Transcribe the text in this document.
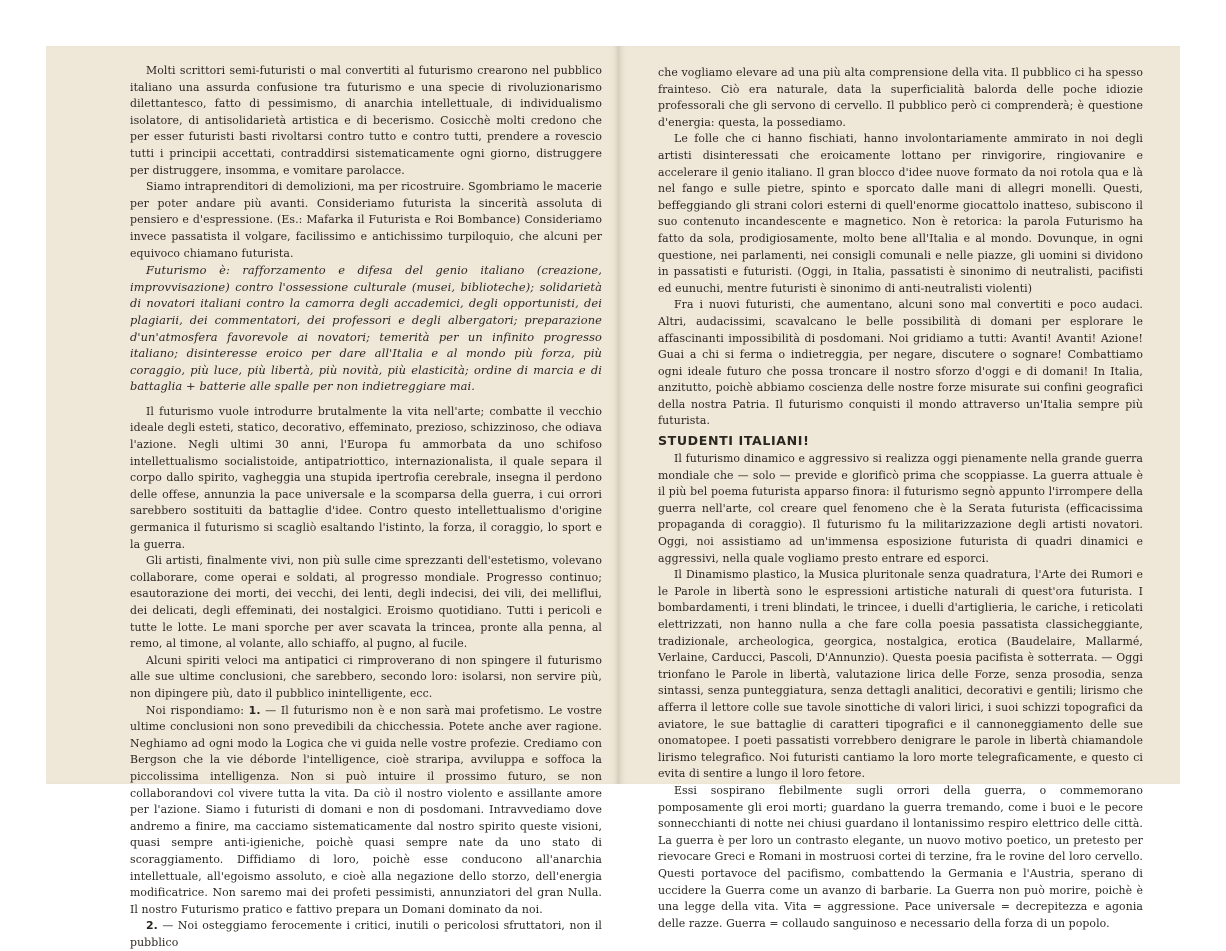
Molti scrittori semi-futuristi o mal convertiti al futurismo crearono nel pubblico italiano una assurda confusione tra futurismo e una specie di rivoluzionarismo dilettantesco, fatto di pessimismo, di anarchia intellettuale, di individualismo isolatore, di antisolidarietà artistica e di becerismo. Cosicchè molti credono che per esser futuristi basti rivoltarsi contro tutto e contro tutti, prendere a rovescio tutti i principii accettati, contraddirsi sistematicamente ogni giorno, distruggere per distruggere, insomma, e vomitare parolacce.

Siamo intraprenditori di demolizioni, ma per ricostruire. Sgombriamo le macerie per poter andare più avanti. Consideriamo futurista la sincerità assoluta di pensiero e d'espressione. (Es.: Mafarka il Futurista e Roi Bombance) Consideriamo invece passatista il volgare, facilissimo e antichissimo turpiloquio, che alcuni per equivoco chiamano futurista.

Futurismo è: rafforzamento e difesa del genio italiano (creazione, improvvisazione) contro l'ossessione culturale (musei, biblioteche); solidarietà di novatori italiani contro la camorra degli accademici, degli opportunisti, dei plagiarii, dei commentatori, dei professori e degli albergatori; preparazione d'un'atmosfera favorevole ai novatori; temerità per un infinito progresso italiano; disinteresse eroico per dare all'Italia e al mondo più forza, più coraggio, più luce, più libertà, più novità, più elasticità; ordine di marcia e di battaglia + batterie alle spalle per non indietreggiare mai.

Il futurismo vuole introdurre brutalmente la vita nell'arte; combatte il vecchio ideale degli esteti, statico, decorativo, effeminato, prezioso, schizzinoso, che odiava l'azione. Negli ultimi 30 anni, l'Europa fu ammorbata da uno schifoso intellettualismo socialistoide, antipatriottico, internazionalista, il quale separa il corpo dallo spirito, vagheggia una stupida ipertrofia cerebrale, insegna il perdono delle offese, annunzia la pace universale e la scomparsa della guerra, i cui orrori sarebbero sostituiti da battaglie d'idee. Contro questo intellettualismo d'origine germanica il futurismo si scagliò esaltando l'istinto, la forza, il coraggio, lo sport e la guerra.

Gli artisti, finalmente vivi, non più sulle cime sprezzanti dell'estetismo, volevano collaborare, come operai e soldati, al progresso mondiale. Progresso continuo; esautorazione dei morti, dei vecchi, dei lenti, degli indecisi, dei vili, dei melliflui, dei delicati, degli effeminati, dei nostalgici. Eroismo quotidiano. Tutti i pericoli e tutte le lotte. Le mani sporche per aver scavata la trincea, pronte alla penna, al remo, al timone, al volante, allo schiaffo, al pugno, al fucile.

Alcuni spiriti veloci ma antipatici ci rimproverano di non spingere il futurismo alle sue ultime conclusioni, che sarebbero, secondo loro: isolarsi, non servire più, non dipingere più, dato il pubblico inintelligente, ecc.

Noi rispondiamo: 1. — Il futurismo non è e non sarà mai profetismo. Le vostre ultime conclusioni non sono prevedibili da chicchessia. Potete anche aver ragione. Neghiamo ad ogni modo la Logica che vi guida nelle vostre profezie. Crediamo con Bergson che la vie déborde l'intelligence, cioè straripa, avviluppa e soffoca la piccolissima intelligenza. Non si può intuire il prossimo futuro, se non collaborandovi col vivere tutta la vita. Da ciò il nostro violento e assillante amore per l'azione. Siamo i futuristi di domani e non di posdomani. Intravvediamo dove andremo a finire, ma cacciamo sistematicamente dal nostro spirito queste visioni, quasi sempre anti-igieniche, poichè quasi sempre nate da uno stato di scoraggiamento. Diffidiamo di loro, poichè esse conducono all'anarchia intellettuale, all'egoismo assoluto, e cioè alla negazione dello storzo, dell'energia modificatrice. Non saremo mai dei profeti pessimisti, annunziatori del gran Nulla. Il nostro Futurismo pratico e fattivo prepara un Domani dominato da noi.

2. — Noi osteggiamo ferocemente i critici, inutili o pericolosi sfruttatori, non il pubblico

che vogliamo elevare ad una più alta comprensione della vita. Il pubblico ci ha spesso frainteso. Ciò era naturale, data la superficialità balorda delle poche idiozie professorali che gli servono di cervello. Il pubblico però ci comprenderà; è questione d'energia: questa, la possediamo.

Le folle che ci hanno fischiati, hanno involontariamente ammirato in noi degli artisti disinteressati che eroicamente lottano per rinvigorire, ringiovanire e accelerare il genio italiano. Il gran blocco d'idee nuove formato da noi rotola qua e là nel fango e sulle pietre, spinto e sporcato dalle mani di allegri monelli. Questi, beffeggiando gli strani colori esterni di quell'enorme giocattolo inatteso, subiscono il suo contenuto incandescente e magnetico. Non è retorica: la parola Futurismo ha fatto da sola, prodigiosamente, molto bene all'Italia e al mondo. Dovunque, in ogni questione, nei parlamenti, nei consigli comunali e nelle piazze, gli uomini si dividono in passatisti e futuristi. (Oggi, in Italia, passatisti è sinonimo di neutralisti, pacifisti ed eunuchi, mentre futuristi è sinonimo di anti-neutralisti violenti)

Fra i nuovi futuristi, che aumentano, alcuni sono mal convertiti e poco audaci. Altri, audacissimi, scavalcano le belle possibilità di domani per esplorare le affascinanti impossibilità di posdomani. Noi gridiamo a tutti: Avanti! Avanti! Azione! Guai a chi si ferma o indietreggia, per negare, discutere o sognare! Combattiamo ogni ideale futuro che possa troncare il nostro sforzo d'oggi e di domani! In Italia, anzitutto, poichè abbiamo coscienza delle nostre forze misurate sui confini geografici della nostra Patria. Il futurismo conquisti il mondo attraverso un'Italia sempre più futurista.

STUDENTI ITALIANI!

Il futurismo dinamico e aggressivo si realizza oggi pienamente nella grande guerra mondiale che — solo — previde e glorificò prima che scoppiasse. La guerra attuale è il più bel poema futurista apparso finora: il futurismo segnò appunto l'irrompere della guerra nell'arte, col creare quel fenomeno che è la Serata futurista (efficacissima propaganda di coraggio). Il futurismo fu la militarizzazione degli artisti novatori. Oggi, noi assistiamo ad un'immensa esposizione futurista di quadri dinamici e aggressivi, nella quale vogliamo presto entrare ed esporci.

Il Dinamismo plastico, la Musica pluritonale senza quadratura, l'Arte dei Rumori e le Parole in libertà sono le espressioni artistiche naturali di quest'ora futurista. I bombardamenti, i treni blindati, le trincee, i duelli d'artiglieria, le cariche, i reticolati elettrizzati, non hanno nulla a che fare colla poesia passatista classicheggiante, tradizionale, archeologica, georgica, nostalgica, erotica (Baudelaire, Mallarmé, Verlaine, Carducci, Pascoli, D'Annunzio). Questa poesia pacifista è sotterrata. — Oggi trionfano le Parole in libertà, valutazione lirica delle Forze, senza prosodia, senza sintassi, senza punteggiatura, senza dettagli analitici, decorativi e gentili; lirismo che afferra il lettore colle sue tavole sinottiche di valori lirici, i suoi schizzi topografici da aviatore, le sue battaglie di caratteri tipografici e il cannoneggiamento delle sue onomatopee. I poeti passatisti vorrebbero denigrare le parole in libertà chiamandole lirismo telegrafico. Noi futuristi cantiamo la loro morte telegraficamente, e questo ci evita di sentire a lungo il loro fetore.

Essi sospirano flebilmente sugli orrori della guerra, o commemorano pomposamente gli eroi morti; guardano la guerra tremando, come i buoi e le pecore sonnecchianti di notte nei chiusi guardano il lontanissimo respiro elettrico delle città. La guerra è per loro un contrasto elegante, un nuovo motivo poetico, un pretesto per rievocare Greci e Romani in mostruosi cortei di terzine, fra le rovine del loro cervello. Questi portavoce del pacifismo, combattendo la Germania e l'Austria, sperano di uccidere la Guerra come un avanzo di barbarie. La Guerra non può morire, poichè è una legge della vita. Vita = aggressione. Pace universale = decrepitezza e agonia delle razze. Guerra = collaudo sanguinoso e necessario della forza di un popolo.
